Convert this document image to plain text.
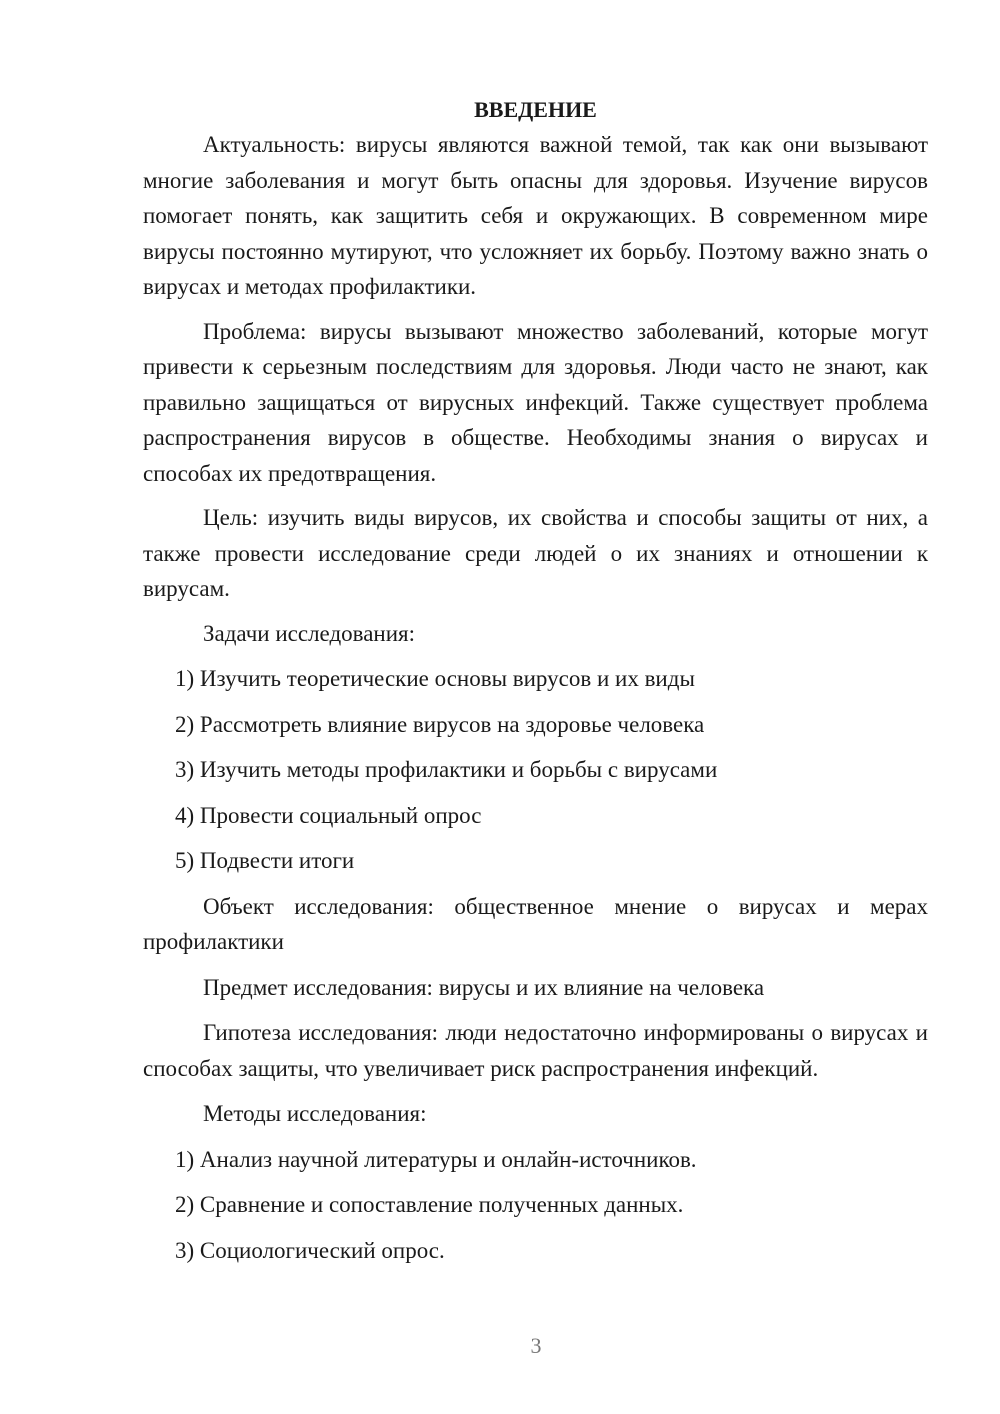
ВВЕДЕНИЕ

Актуальность: вирусы являются важной темой, так как они вызывают многие заболевания и могут быть опасны для здоровья. Изучение вирусов помогает понять, как защитить себя и окружающих. В современном мире вирусы постоянно мутируют, что усложняет их борьбу. Поэтому важно знать о вирусах и методах профилактики.

Проблема: вирусы вызывают множество заболеваний, которые могут привести к серьезным последствиям для здоровья. Люди часто не знают, как правильно защищаться от вирусных инфекций. Также существует проблема распространения вирусов в обществе. Необходимы знания о вирусах и способах их предотвращения.

Цель: изучить виды вирусов, их свойства и способы защиты от них, а также провести исследование среди людей о их знаниях и отношении к вирусам.

Задачи исследования:

1) Изучить теоретические основы вирусов и их виды

2) Рассмотреть влияние вирусов на здоровье человека

3) Изучить методы профилактики и борьбы с вирусами

4) Провести социальный опрос

5) Подвести итоги

Объект исследования: общественное мнение о вирусах и мерах профилактики

Предмет исследования: вирусы и их влияние на человека

Гипотеза исследования: люди недостаточно информированы о вирусах и способах защиты, что увеличивает риск распространения инфекций.

Методы исследования:

1) Анализ научной литературы и онлайн-источников.

2) Сравнение и сопоставление полученных данных.

3) Социологический опрос.

3
